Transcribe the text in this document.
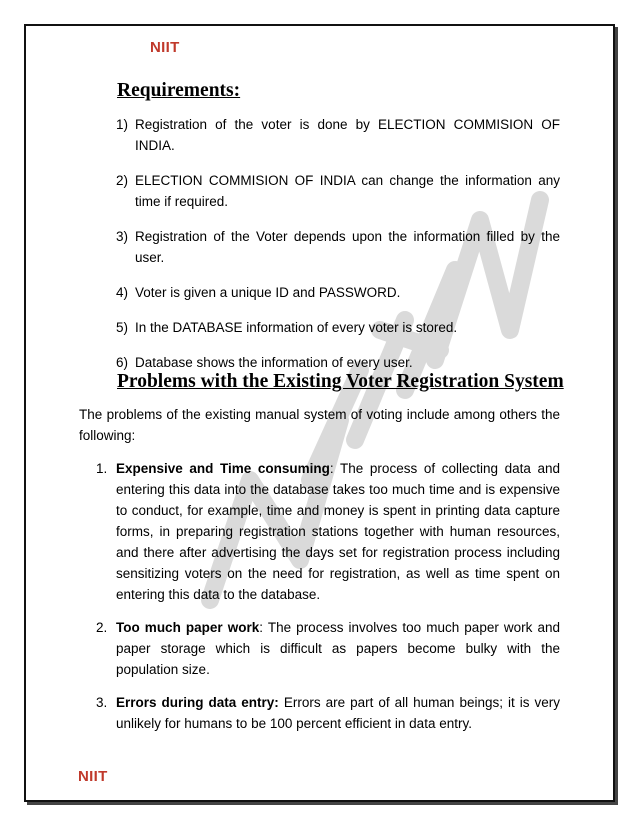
NIIT
Requirements:
1) Registration of the voter is done by ELECTION COMMISION OF INDIA.
2) ELECTION COMMISION OF INDIA can change the information any time if required.
3) Registration of the Voter depends upon the information filled by the user.
4) Voter is given a unique ID and PASSWORD.
5) In the DATABASE information of every voter is stored.
6) Database shows the information of every user.
Problems with the Existing Voter Registration System
The problems of the existing manual system of voting include among others the following:
1. Expensive and Time consuming: The process of collecting data and entering this data into the database takes too much time and is expensive to conduct, for example, time and money is spent in printing data capture forms, in preparing registration stations together with human resources, and there after advertising the days set for registration process including sensitizing voters on the need for registration, as well as time spent on entering this data to the database.
2. Too much paper work: The process involves too much paper work and paper storage which is difficult as papers become bulky with the population size.
3. Errors during data entry: Errors are part of all human beings; it is very unlikely for humans to be 100 percent efficient in data entry.
NIIT
